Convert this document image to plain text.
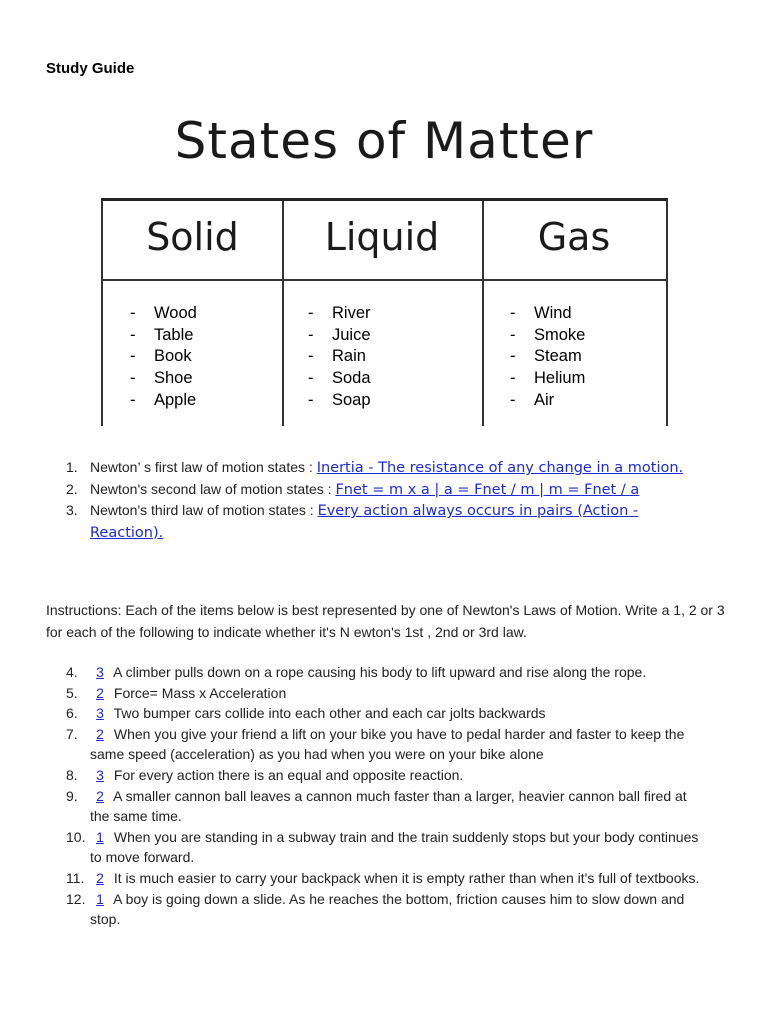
Study Guide
States of Matter
Solid
- Wood
- Table
- Book
- Shoe
- Apple
Liquid
- River
- Juice
- Rain
- Soda
- Soap
Gas
- Wind
- Smoke
- Steam
- Helium
- Air
1. Newton’ s first law of motion states : Inertia - The resistance of any change in a motion.
2. Newton's second law of motion states : Fnet = m x a | a = Fnet / m | m = Fnet / a
3. Newton's third law of motion states : Every action always occurs in pairs (Action - Reaction).
Instructions: Each of the items below is best represented by one of Newton's Laws of Motion. Write a 1, 2 or 3 for each of the following to indicate whether it's N ewton's 1st , 2nd or 3rd law.
4. 3 A climber pulls down on a rope causing his body to lift upward and rise along the rope.
5. 2 Force= Mass x Acceleration
6. 3 Two bumper cars collide into each other and each car jolts backwards
7. 2 When you give your friend a lift on your bike you have to pedal harder and faster to keep the same speed (acceleration) as you had when you were on your bike alone
8. 3 For every action there is an equal and opposite reaction.
9. 2 A smaller cannon ball leaves a cannon much faster than a larger, heavier cannon ball fired at the same time.
10. 1 When you are standing in a subway train and the train suddenly stops but your body continues to move forward.
11. 2 It is much easier to carry your backpack when it is empty rather than when it's full of textbooks.
12. 1 A boy is going down a slide. As he reaches the bottom, friction causes him to slow down and stop.
